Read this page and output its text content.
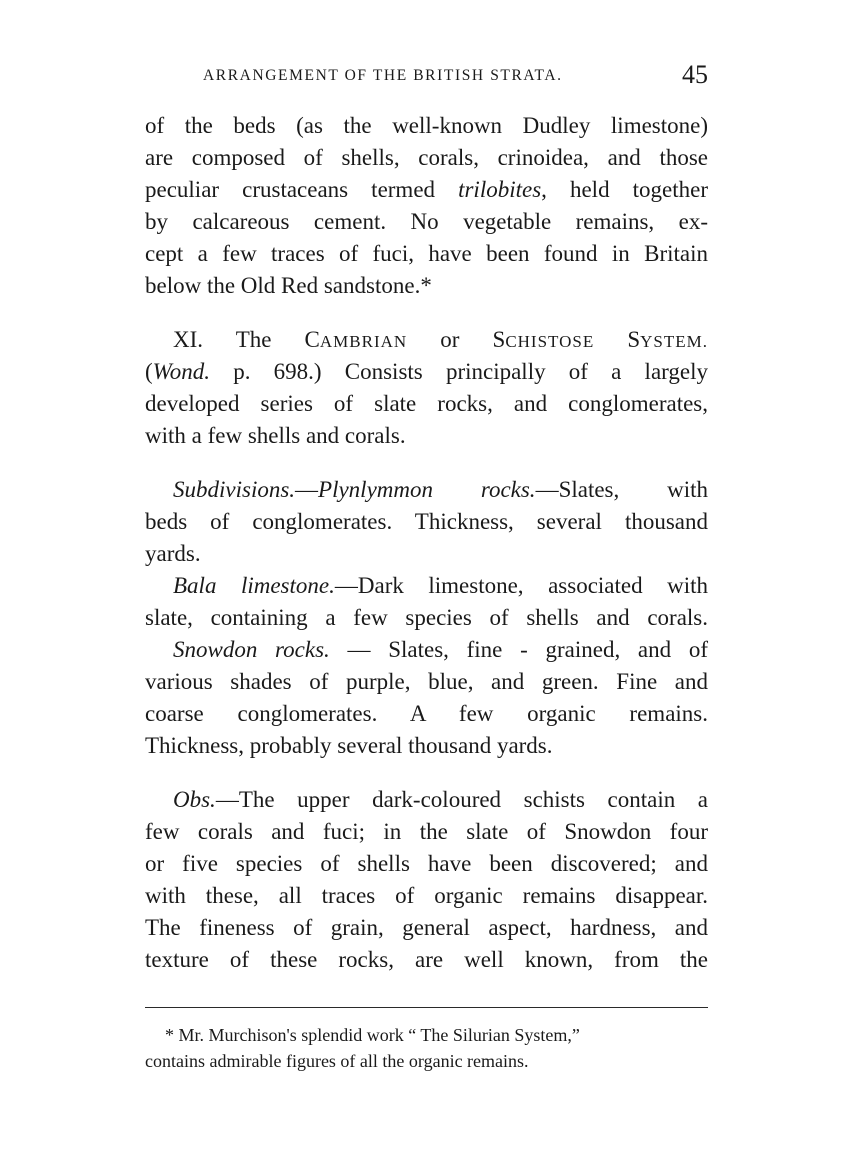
ARRANGEMENT OF THE BRITISH STRATA.	45
of the beds (as the well-known Dudley limestone)
are composed of shells, corals, crinoidea, and those
peculiar crustaceans termed trilobites, held together
by calcareous cement. No vegetable remains, ex-
cept a few traces of fuci, have been found in Britain
below the Old Red sandstone.*
XI. The CAMBRIAN or SCHISTOSE SYSTEM.
(Wond. p. 698.) Consists principally of a largely
developed series of slate rocks, and conglomerates,
with a few shells and corals.
Subdivisions.—Plynlymmon rocks.—Slates, with
beds of conglomerates. Thickness, several thousand
yards.
Bala limestone.—Dark limestone, associated with
slate, containing a few species of shells and corals.
Snowdon rocks. — Slates, fine - grained, and of
various shades of purple, blue, and green. Fine and
coarse conglomerates. A few organic remains.
Thickness, probably several thousand yards.
Obs.—The upper dark-coloured schists contain a
few corals and fuci; in the slate of Snowdon four
or five species of shells have been discovered; and
with these, all traces of organic remains disappear.
The fineness of grain, general aspect, hardness, and
texture of these rocks, are well known, from the
* Mr. Murchison's splendid work “ The Silurian System,”
contains admirable figures of all the organic remains.
